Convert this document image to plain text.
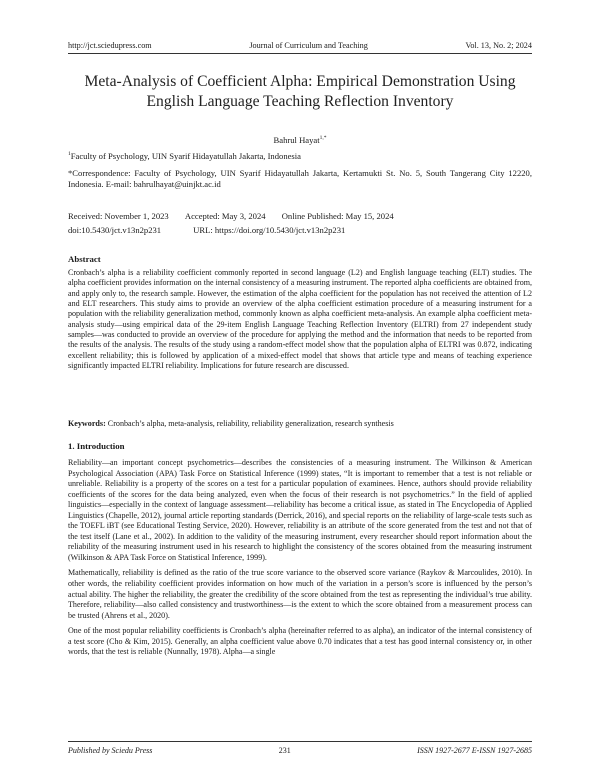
http://jct.sciedupress.com	Journal of Curriculum and Teaching	Vol. 13, No. 2; 2024
Meta-Analysis of Coefficient Alpha: Empirical Demonstration Using
English Language Teaching Reflection Inventory
Bahrul Hayat$^{1,*}$
$^1$Faculty of Psychology, UIN Syarif Hidayatullah Jakarta, Indonesia
*Correspondence: Faculty of Psychology, UIN Syarif Hidayatullah Jakarta, Kertamukti St. No. 5, South Tangerang City 12220, Indonesia. E-mail: bahrulhayat@uinjkt.ac.id
Received: November 1, 2023 Accepted: May 3, 2024 Online Published: May 15, 2024
doi:10.5430/jct.v13n2p231	URL: https://doi.org/10.5430/jct.v13n2p231
Abstract

Cronbach’s alpha is a reliability coefficient commonly reported in second language (L2) and English language teaching (ELT) studies. The alpha coefficient provides information on the internal consistency of a measuring instrument. The reported alpha coefficients are obtained from, and apply only to, the research sample. However, the estimation of the alpha coefficient for the population has not received the attention of L2 and ELT researchers. This study aims to provide an overview of the alpha coefficient estimation procedure of a measuring instrument for a population with the reliability generalization method, commonly known as alpha coefficient meta-analysis. An example alpha coefficient meta-analysis study—using empirical data of the 29-item English Language Teaching Reflection Inventory (ELTRI) from 27 independent study samples—was conducted to provide an overview of the procedure for applying the method and the information that needs to be reported from the results of the analysis. The results of the study using a random-effect model show that the population alpha of ELTRI was 0.872, indicating excellent reliability; this is followed by application of a mixed-effect model that shows that article type and means of teaching experience significantly impacted ELTRI reliability. Implications for future research are discussed.

Keywords: Cronbach’s alpha, meta-analysis, reliability, reliability generalization, research synthesis
1. Introduction

Reliability—an important concept psychometrics—describes the consistencies of a measuring instrument. The Wilkinson & American Psychological Association (APA) Task Force on Statistical Inference (1999) states, “It is important to remember that a test is not reliable or unreliable. Reliability is a property of the scores on a test for a particular population of examinees. Hence, authors should provide reliability coefficients of the scores for the data being analyzed, even when the focus of their research is not psychometrics.” In the field of applied linguistics—especially in the context of language assessment—reliability has become a critical issue, as stated in The Encyclopedia of Applied Linguistics (Chapelle, 2012), journal article reporting standards (Derrick, 2016), and special reports on the reliability of large-scale tests such as the TOEFL iBT (see Educational Testing Service, 2020). However, reliability is an attribute of the score generated from the test and not that of the test itself (Lane et al., 2002). In addition to the validity of the measuring instrument, every researcher should report information about the reliability of the measuring instrument used in his research to highlight the consistency of the scores obtained from the measuring instrument (Wilkinson & APA Task Force on Statistical Inference, 1999).

Mathematically, reliability is defined as the ratio of the true score variance to the observed score variance (Raykov & Marcoulides, 2010). In other words, the reliability coefficient provides information on how much of the variation in a person’s score is influenced by the person’s actual ability. The higher the reliability, the greater the credibility of the score obtained from the test as representing the individual’s true ability. Therefore, reliability—also called consistency and trustworthiness—is the extent to which the score obtained from a measurement process can be trusted (Ahrens et al., 2020).

One of the most popular reliability coefficients is Cronbach’s alpha (hereinafter referred to as alpha), an indicator of the internal consistency of a test score (Cho & Kim, 2015). Generally, an alpha coefficient value above 0.70 indicates that a test has good internal consistency or, in other words, that the test is reliable (Nunnally, 1978). Alpha—a single

Published by Sciedu Press	231	ISSN 1927-2677 E-ISSN 1927-2685
